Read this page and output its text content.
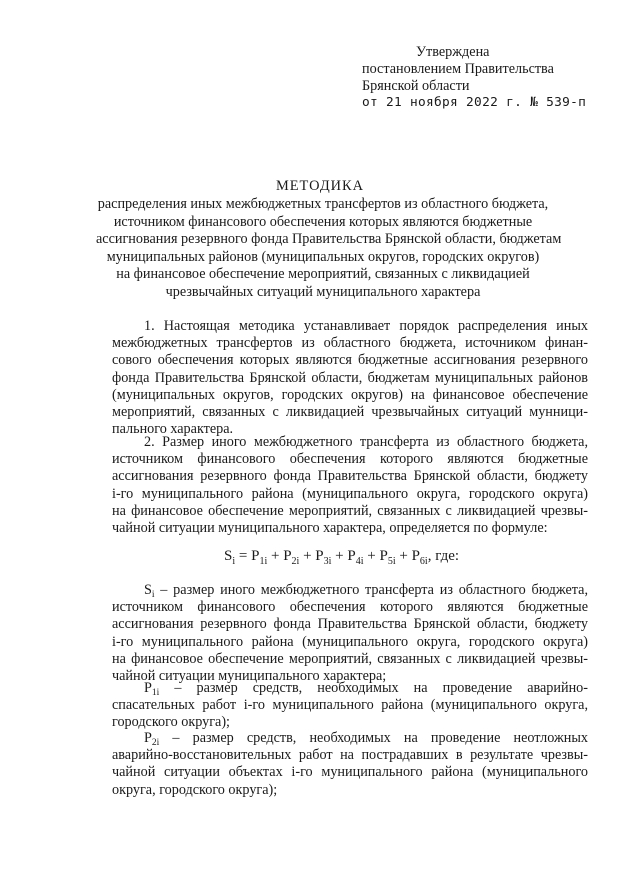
Утверждена
постановлением Правительства
Брянской области
от 21 ноября 2022 г. № 539-п
МЕТОДИКА
распределения иных межбюджетных трансфертов из областного бюджета,
источником финансового обеспечения которых являются бюджетные
ассигнования резервного фонда Правительства Брянской области, бюджетам
муниципальных районов (муниципальных округов, городских округов)
на финансовое обеспечение мероприятий, связанных с ликвидацией
чрезвычайных ситуаций муниципального характера
1. Настоящая методика устанавливает порядок распределения иных
межбюджетных трансфертов из областного бюджета, источником финан-
сового обеспечения которых являются бюджетные ассигнования резервного
фонда Правительства Брянской области, бюджетам муниципальных районов
(муниципальных округов, городских округов) на финансовое обеспечение
мероприятий, связанных с ликвидацией чрезвычайных ситуаций мунници-
пального характера.
2. Размер иного межбюджетного трансферта из областного бюджета,
источником финансового обеспечения которого являются бюджетные
ассигнования резервного фонда Правительства Брянской области, бюджету
i-го муниципального района (муниципального округа, городского округа)
на финансовое обеспечение мероприятий, связанных с ликвидацией чрезвы-
чайной ситуации муниципального характера, определяется по формуле:
$S_i = P_{1i} + P_{2i} + P_{3i} + P_{4i} + P_{5i} + P_{6i}$, где:
$S_i$ – размер иного межбюджетного трансферта из областного бюджета,
источником финансового обеспечения которого являются бюджетные
ассигнования резервного фонда Правительства Брянской области, бюджету
i-го муниципального района (муниципального округа, городского округа)
на финансовое обеспечение мероприятий, связанных с ликвидацией чрезвы-
чайной ситуации муниципального характера;
$P_{1i}$ – размер средств, необходимых на проведение аварийно-
спасательных работ i-го муниципального района (муниципального округа,
городского округа);
$P_{2i}$ – размер средств, необходимых на проведение неотложных
аварийно-восстановительных работ на пострадавших в результате чрезвы-
чайной ситуации объектах i-го муниципального района (муниципального
округа, городского округа);
